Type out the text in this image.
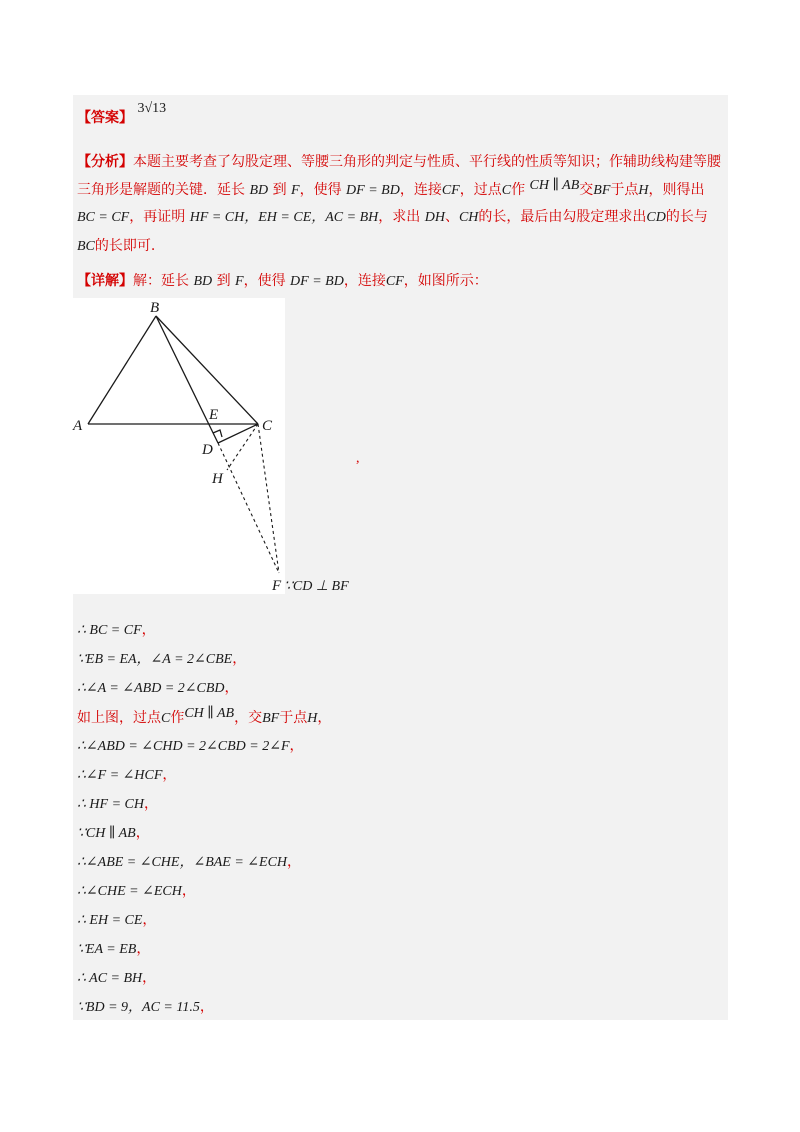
【答案】 3√13
【分析】本题主要考查了勾股定理、等腰三角形的判定与性质、平行线的性质等知识；作辅助线构建等腰
三角形是解题的关键．延长 BD 到 F，使得 DF = BD，连接CF，过点C作 CH ∥ AB交BF于点H，则得出
BC = CF，再证明 HF = CH，EH = CE，AC = BH，求出 DH、CH的长，最后由勾股定理求出CD的长与
BC的长即可.
【详解】解：延长 BD 到 F，使得 DF = BD，连接CF，如图所示：
B
A
E
C
D
H
F ∵CD ⊥ BF
,
∴ BC = CF，
∵EB = EA，∠A = 2∠CBE，
∴∠A = ∠ABD = 2∠CBD，
如上图，过点C作CH ∥ AB，交BF于点H，
∴∠ABD = ∠CHD = 2∠CBD = 2∠F，
∴∠F = ∠HCF，
∴ HF = CH，
∵CH ∥ AB，
∴∠ABE = ∠CHE，∠BAE = ∠ECH，
∴∠CHE = ∠ECH，
∴ EH = CE，
∵EA = EB，
∴ AC = BH，
∵BD = 9，AC = 11.5，
